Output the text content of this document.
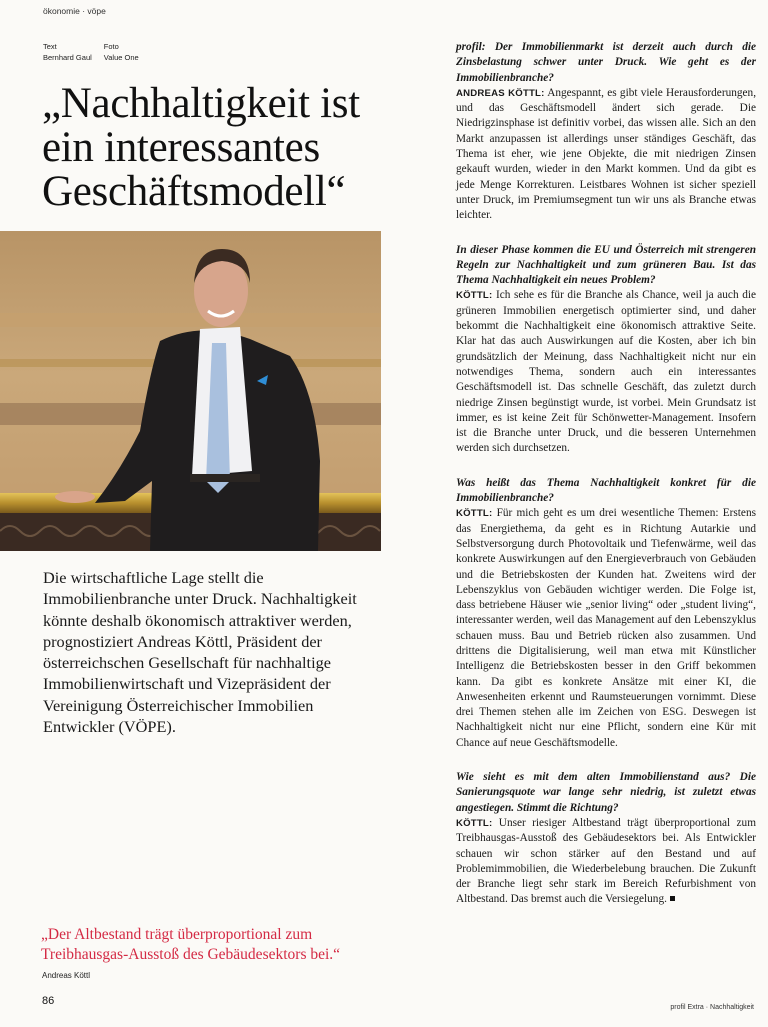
ökonomie · vöpe
Text
Bernhard Gaul
Foto
Value One
„Nachhaltigkeit ist ein interessantes Geschäftsmodell“
Die wirtschaftliche Lage stellt die Immobilienbranche unter Druck. Nachhaltigkeit könnte deshalb ökonomisch attraktiver werden, prognostiziert Andreas Köttl, Präsident der österreichschen Gesellschaft für nachhaltige Immobilienwirtschaft und Vizepräsident der Vereinigung Österreichischer Immobilien Entwickler (VÖPE).
„Der Altbestand trägt überproportional zum Treibhausgas-Ausstoß des Gebäudesektors bei.“
Andreas Köttl
86

profil: Der Immobilienmarkt ist derzeit auch durch die Zinsbelastung schwer unter Druck. Wie geht es der Immobilienbranche?

ANDREAS KÖTTL: Angespannt, es gibt viele Herausforderungen, und das Geschäftsmodell ändert sich gerade. Die Niedrigzinsphase ist definitiv vorbei, das wissen alle. Sich an den Markt anzupassen ist allerdings unser ständiges Geschäft, das Thema ist eher, wie jene Objekte, die mit niedrigen Zinsen gekauft wurden, wieder in den Markt kommen. Und da gibt es jede Menge Korrekturen. Leistbares Wohnen ist sicher speziell unter Druck, im Premiumsegment tun wir uns als Branche etwas leichter.

In dieser Phase kommen die EU und Österreich mit strengeren Regeln zur Nachhaltigkeit und zum grüneren Bau. Ist das Thema Nachhaltigkeit ein neues Problem?

KÖTTL: Ich sehe es für die Branche als Chance, weil ja auch die grüneren Immobilien energetisch optimierter sind, und daher bekommt die Nachhaltigkeit eine ökonomisch attraktive Seite. Klar hat das auch Auswirkungen auf die Kosten, aber ich bin grundsätzlich der Meinung, dass Nachhaltigkeit nicht nur ein notwendiges Thema, sondern auch ein interessantes Geschäftsmodell ist. Das schnelle Geschäft, das zuletzt durch niedrige Zinsen begünstigt wurde, ist vorbei. Mein Grundsatz ist immer, es ist keine Zeit für Schönwetter-Management. Insofern ist die Branche unter Druck, und die besseren Unternehmen werden sich durchsetzen.

Was heißt das Thema Nachhaltigkeit konkret für die Immobilienbranche?

KÖTTL: Für mich geht es um drei wesentliche Themen: Erstens das Energiethema, da geht es in Richtung Autarkie und Selbstversorgung durch Photovoltaik und Tiefenwärme, weil das konkrete Auswirkungen auf den Energieverbrauch von Gebäuden und die Betriebskosten der Kunden hat. Zweitens wird der Lebenszyklus von Gebäuden wichtiger werden. Die Folge ist, dass betriebene Häuser wie „senior living“ oder „student living“, interessanter werden, weil das Management auf den Lebenszyklus schauen muss. Bau und Betrieb rücken also zusammen. Und drittens die Digitalisierung, weil man etwa mit Künstlicher Intelligenz die Betriebskosten besser in den Griff bekommen kann. Da gibt es konkrete Ansätze mit einer KI, die Anwesenheiten erkennt und Raumsteuerungen vornimmt. Diese drei Themen stehen alle im Zeichen von ESG. Deswegen ist Nachhaltigkeit nicht nur eine Pflicht, sondern eine Kür mit Chance auf neue Geschäftsmodelle.

Wie sieht es mit dem alten Immobilienstand aus? Die Sanierungsquote war lange sehr niedrig, ist zuletzt etwas angestiegen. Stimmt die Richtung?

KÖTTL: Unser riesiger Altbestand trägt überproportional zum Treibhausgas-Ausstoß des Gebäudesektors bei. Als Entwickler schauen wir schon stärker auf den Bestand und auf Problemimmobilien, die Wiederbelebung brauchen. Die Zukunft der Branche liegt sehr stark im Bereich Refurbishment von Altbestand. Das bremst auch die Versiegelung.

profil Extra · Nachhaltigkeit
